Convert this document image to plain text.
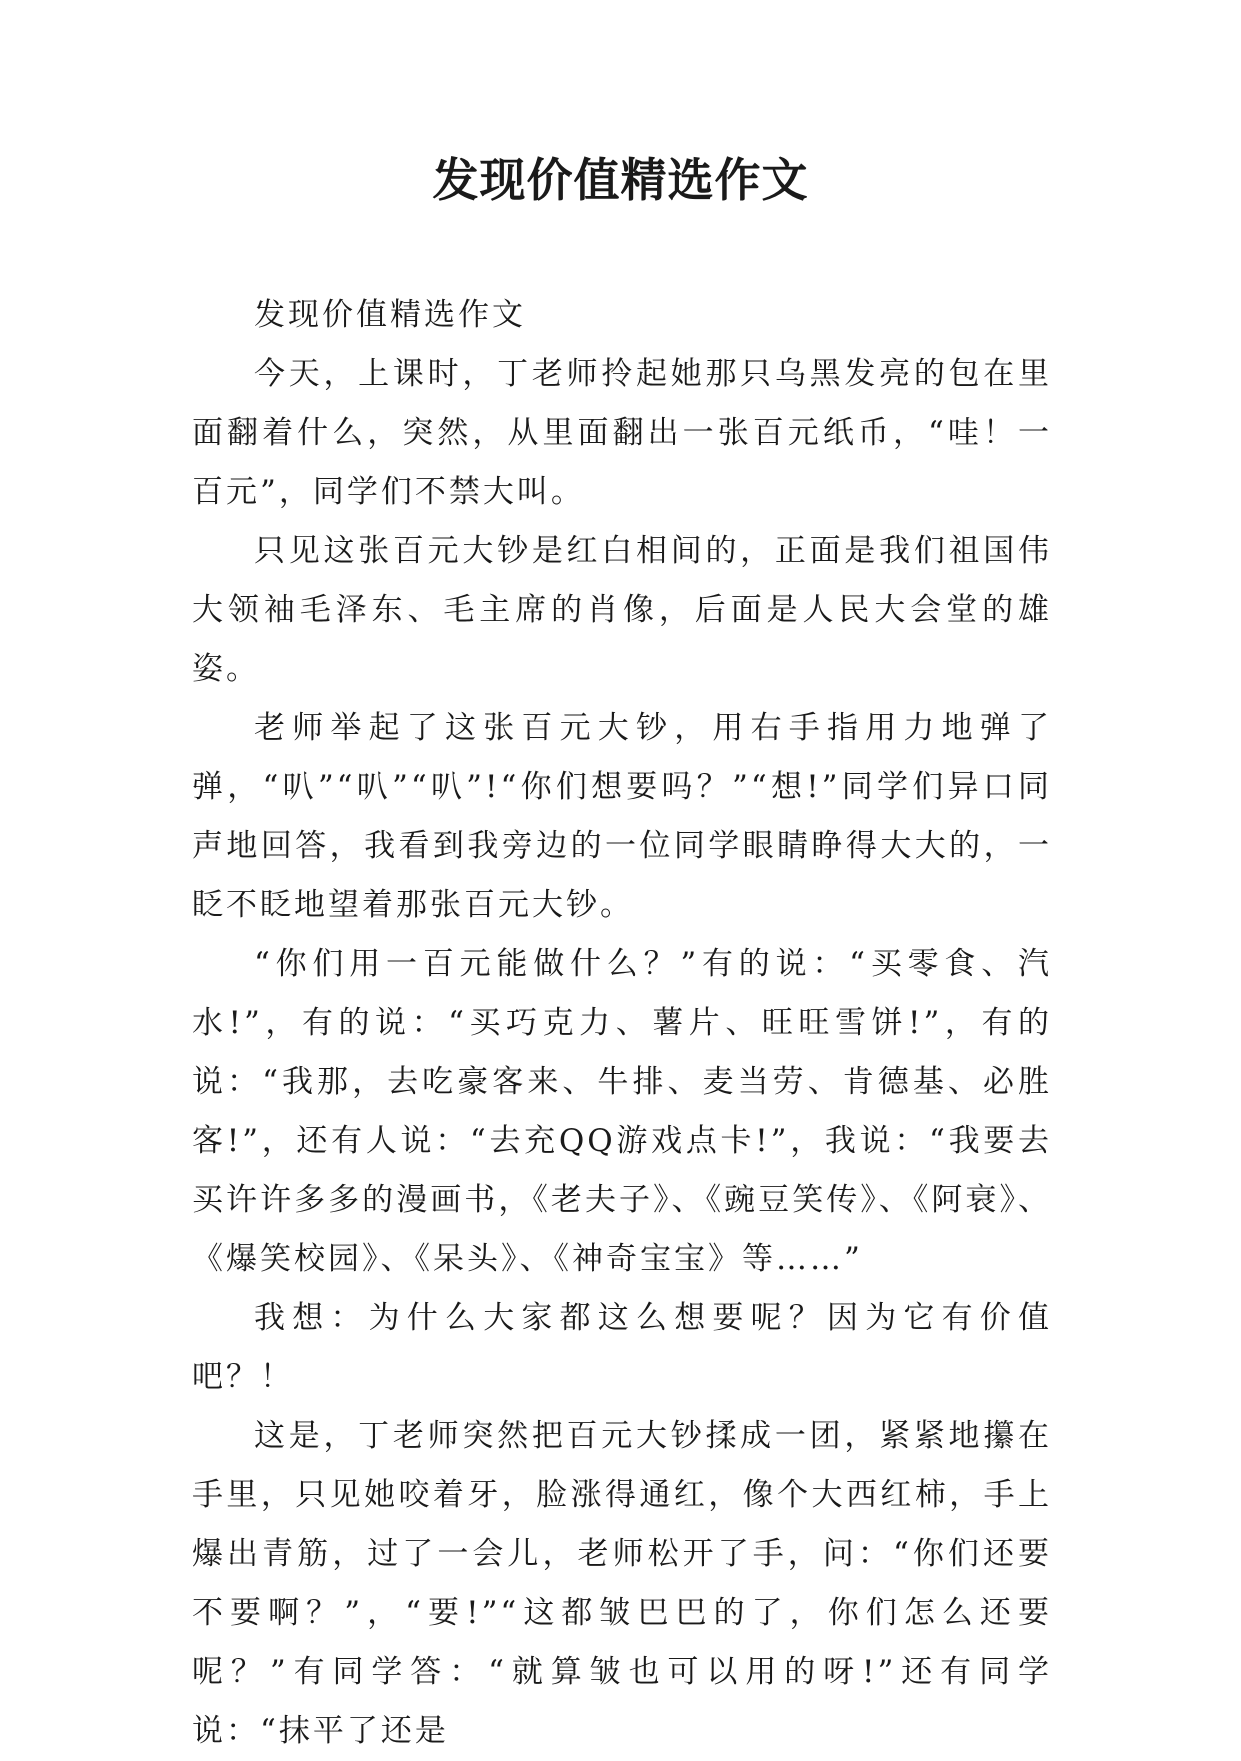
发现价值精选作文

发现价值精选作文

今天，上课时，丁老师拎起她那只乌黑发亮的包在里面翻着什么，突然，从里面翻出一张百元纸币，“哇！一百元”，同学们不禁大叫。

只见这张百元大钞是红白相间的，正面是我们祖国伟大领袖毛泽东、毛主席的肖像，后面是人民大会堂的雄姿。

老师举起了这张百元大钞，用右手指用力地弹了弹，“叭”“叭”“叭”!“你们想要吗？”“想!”同学们异口同声地回答，我看到我旁边的一位同学眼睛睁得大大的，一眨不眨地望着那张百元大钞。

“你们用一百元能做什么？”有的说：“买零食、汽水!”，有的说：“买巧克力、薯片、旺旺雪饼!”，有的说：“我那，去吃豪客来、牛排、麦当劳、肯德基、必胜客!”，还有人说：“去充QQ游戏点卡!”，我说：“我要去买许许多多的漫画书，《老夫子》、《豌豆笑传》、《阿衰》、《爆笑校园》、《呆头》、《神奇宝宝》等……”

我想：为什么大家都这么想要呢？因为它有价值吧？！

这是，丁老师突然把百元大钞揉成一团，紧紧地攥在手里，只见她咬着牙，脸涨得通红，像个大西红柿，手上爆出青筋，过了一会儿，老师松开了手，问：“你们还要不要啊？”，“要!”“这都皱巴巴的了，你们怎么还要呢？”有同学答：“就算皱也可以用的呀!”还有同学说：“抹平了还是
